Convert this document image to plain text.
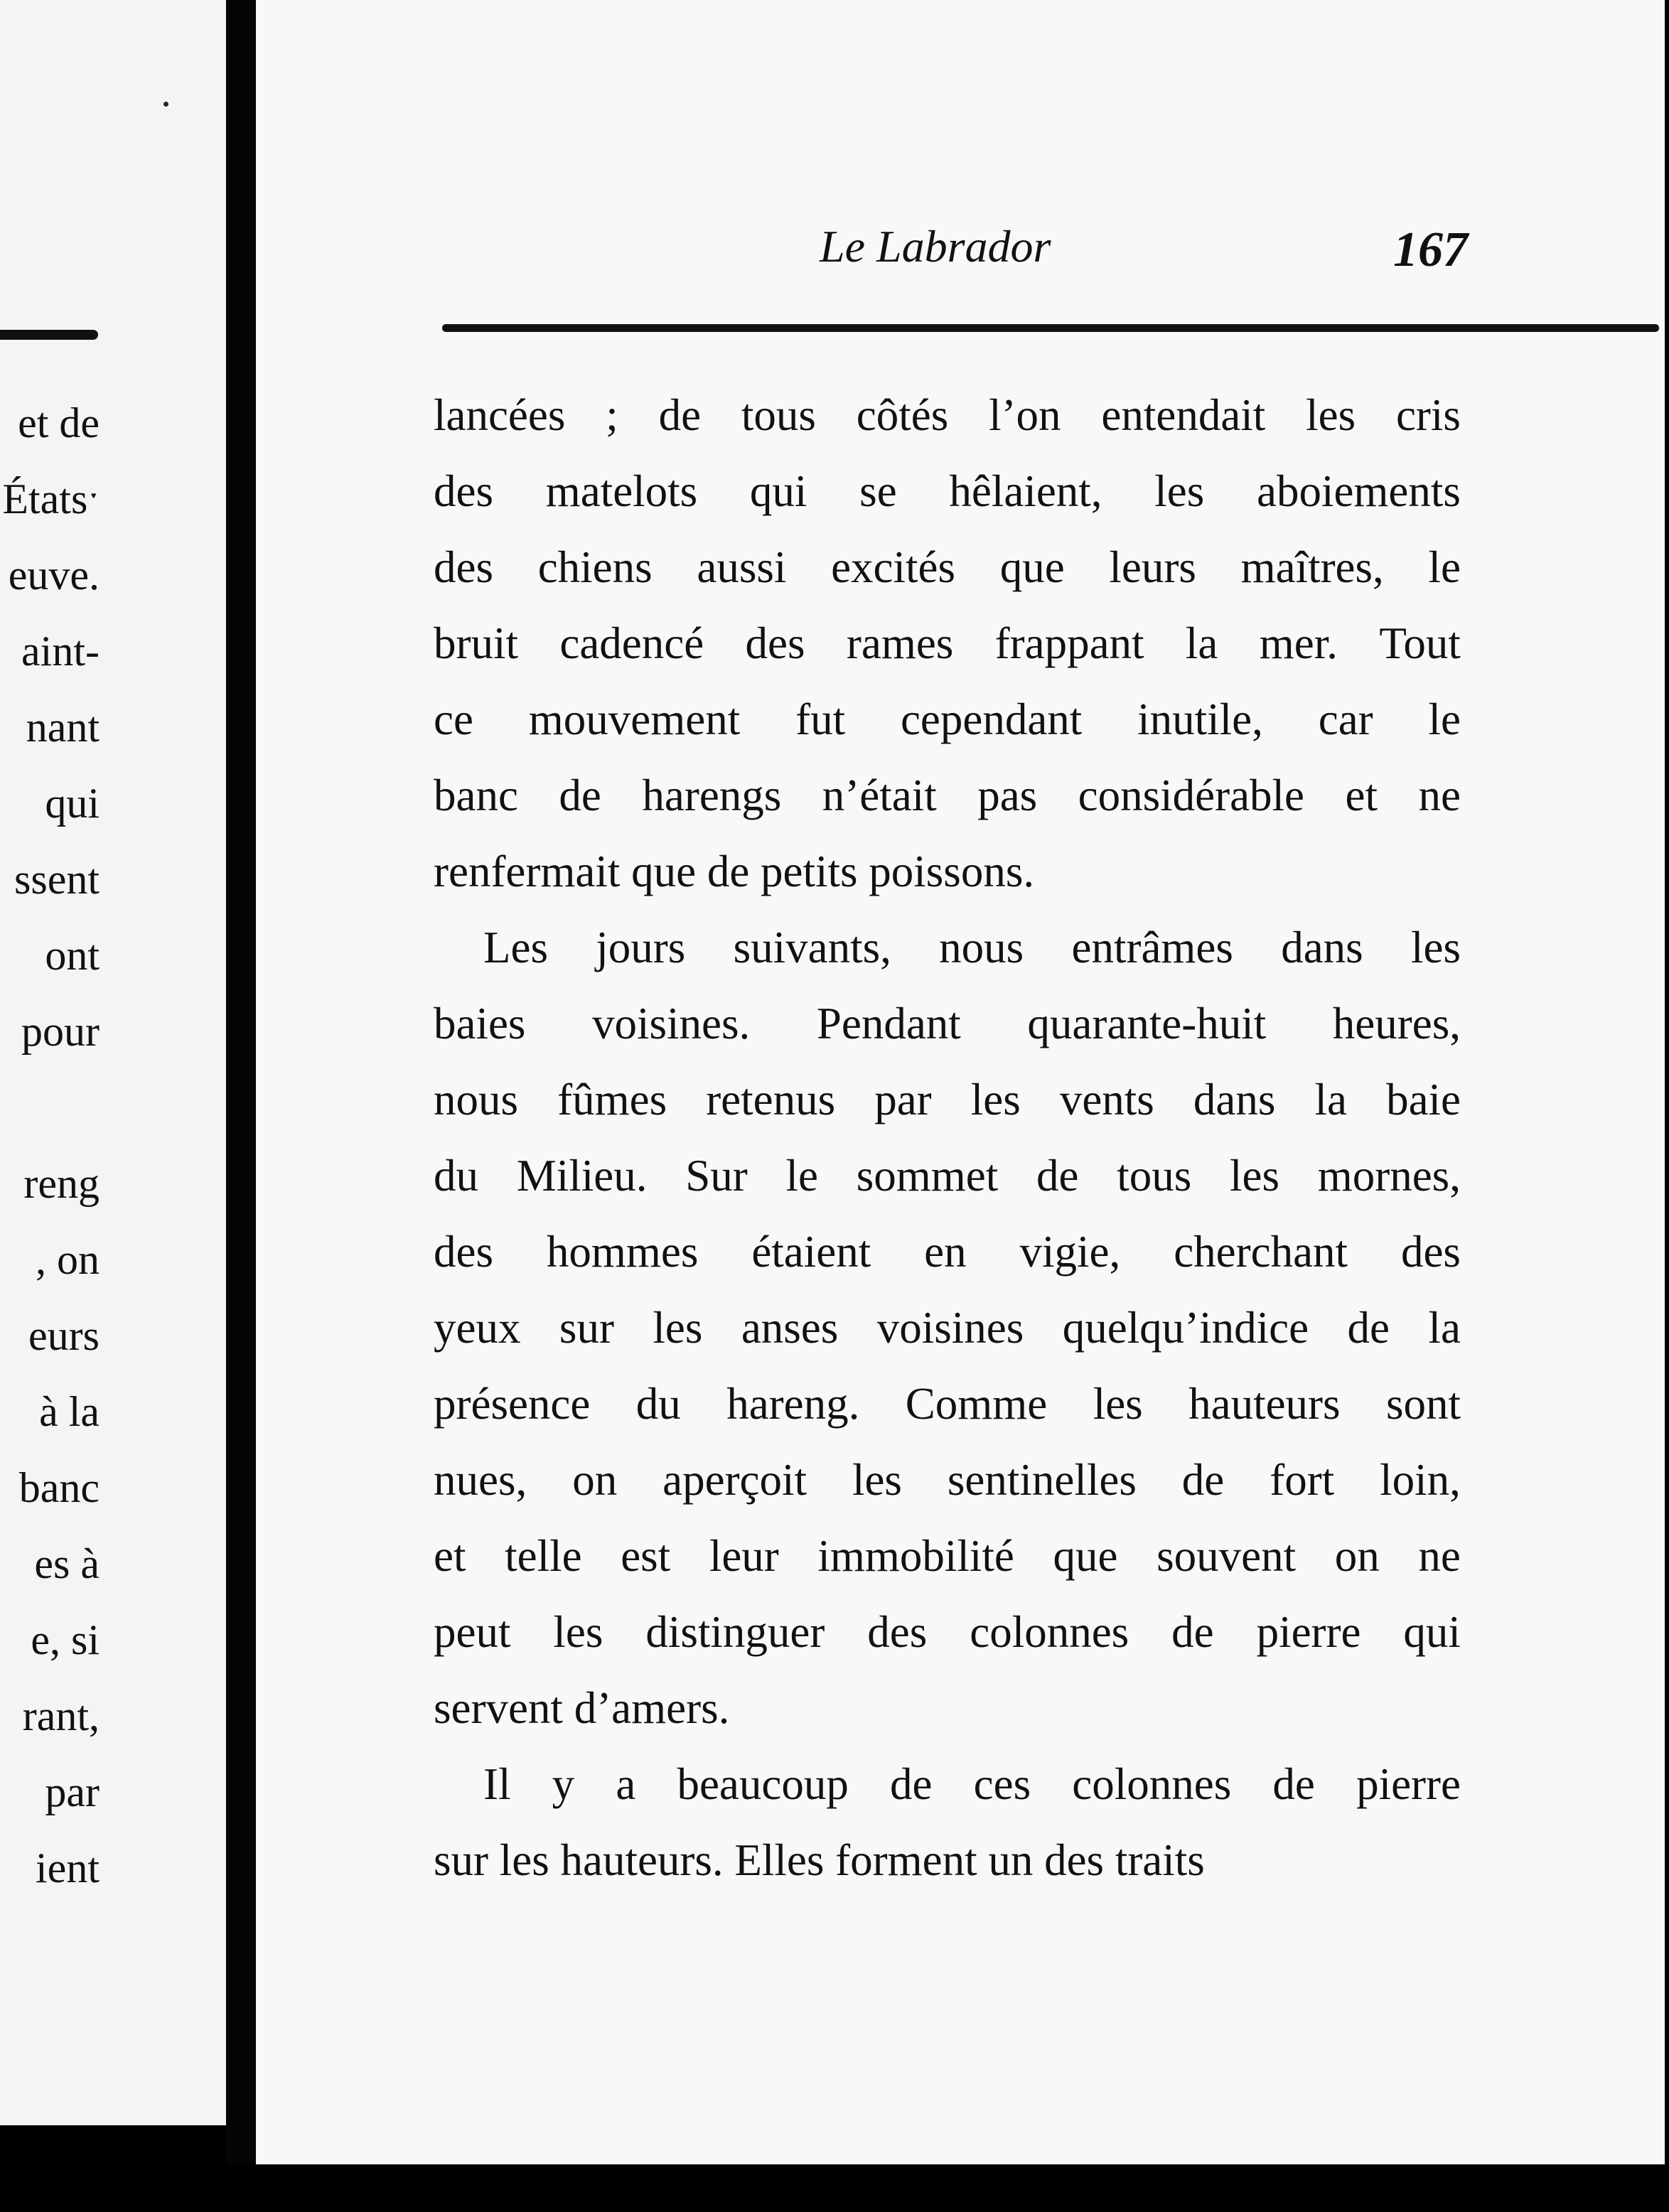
et de
Étatsˑ
euve.
aint-
nant
qui
ssent
ont
pour
reng
, on
eurs
à la
banc
es à
e, si
rant,
par
ient
Le Labrador	167
lancées ; de tous côtés l’on entendait les cris
des matelots qui se hêlaient, les aboiements
des chiens aussi excités que leurs maîtres, le
bruit cadencé des rames frappant la mer. Tout
ce mouvement fut cependant inutile, car le
banc de harengs n’était pas considérable et ne
renfermait
que
de
petits
poissons.
Les jours suivants, nous entrâmes dans les
baies voisines. Pendant quarante-huit heures,
nous fûmes retenus par les vents dans la baie
du Milieu. Sur le sommet de tous les mornes,
des hommes étaient en vigie, cherchant des
yeux sur les anses voisines quelqu’indice de la
présence du hareng. Comme les hauteurs sont
nues, on aperçoit les sentinelles de fort loin,
et telle est leur immobilité que souvent on ne
peut les distinguer des colonnes de pierre qui
servent
d’amers.
Il y a beaucoup de ces colonnes de pierre
sur
les
hauteurs.
Elles
forment
un
des
traits
